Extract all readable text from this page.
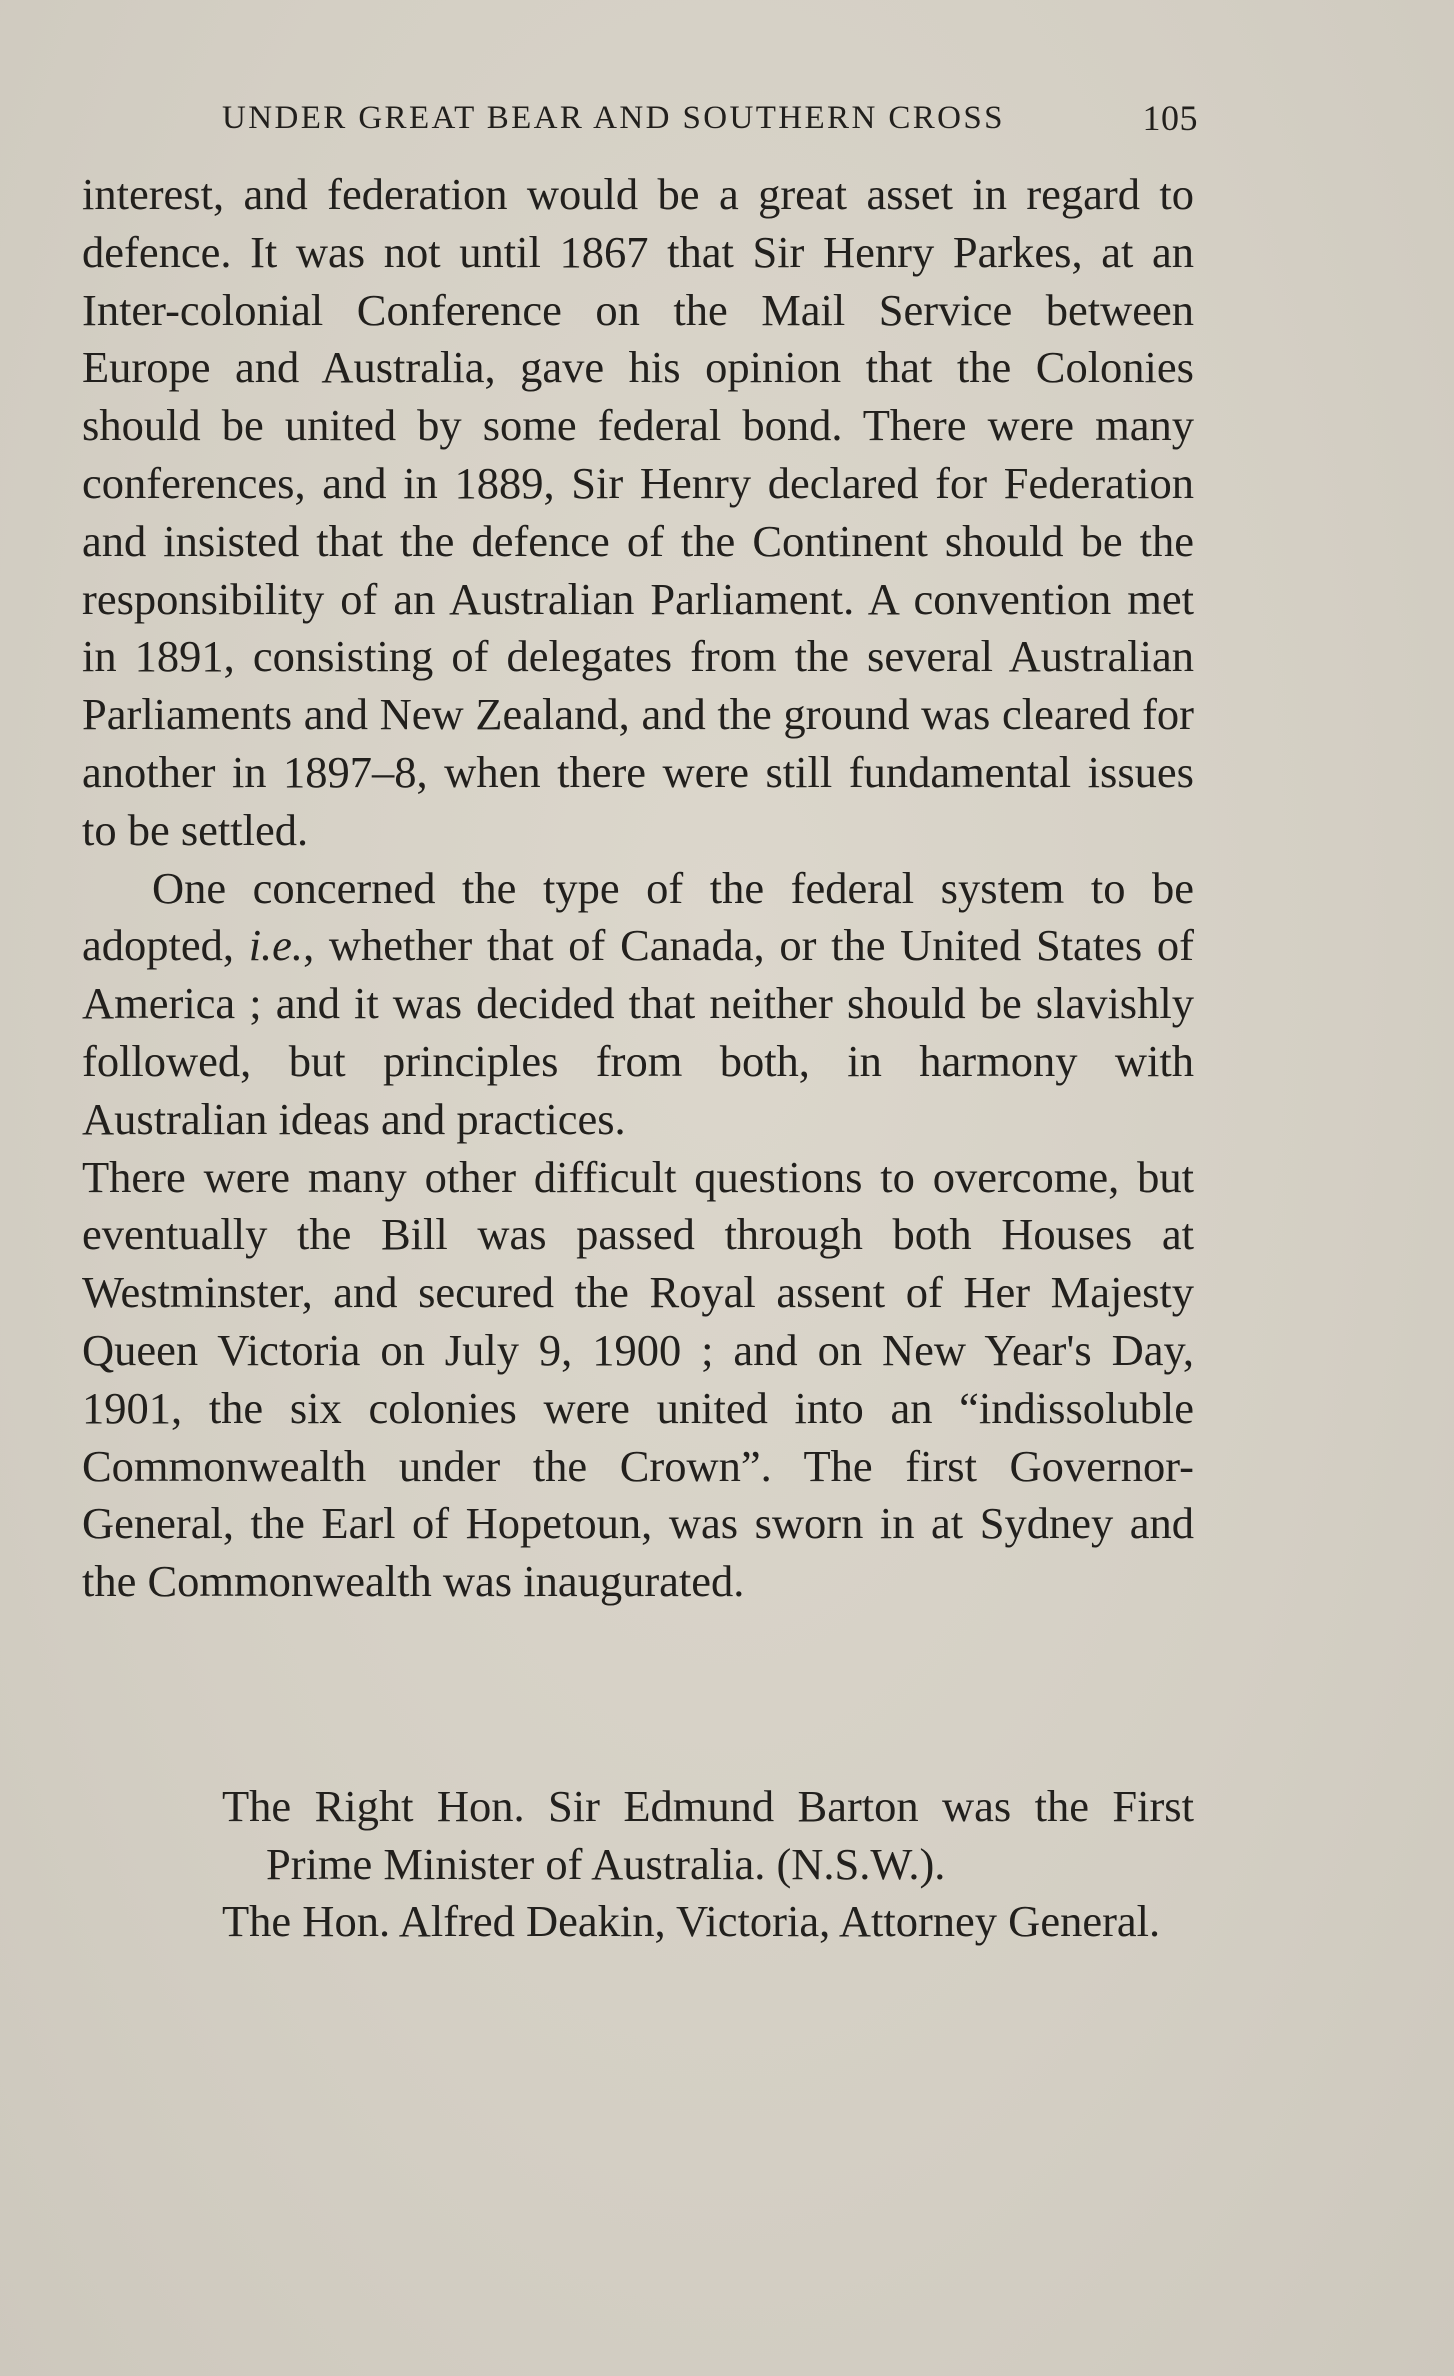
UNDER GREAT BEAR AND SOUTHERN CROSS	105

interest, and federation would be a great asset in regard to defence. It was not until 1867 that Sir Henry Parkes, at an Inter-colonial Conference on the Mail Service between Europe and Australia, gave his opinion that the Colonies should be united by some federal bond. There were many conferences, and in 1889, Sir Henry declared for Federation and insisted that the defence of the Continent should be the responsibility of an Australian Parliament. A convention met in 1891, consisting of delegates from the several Australian Parliaments and New Zealand, and the ground was cleared for another in 1897–8, when there were still fundamental issues to be settled.

One concerned the type of the federal system to be adopted, i.e., whether that of Canada, or the United States of America ; and it was decided that neither should be slavishly followed, but principles from both, in harmony with Australian ideas and practices.

There were many other difficult questions to overcome, but eventually the Bill was passed through both Houses at Westminster, and secured the Royal assent of Her Majesty Queen Victoria on July 9, 1900 ; and on New Year's Day, 1901, the six colonies were united into an “indissoluble Commonwealth under the Crown”. The first Governor-General, the Earl of Hopetoun, was sworn in at Sydney and the Commonwealth was inaugurated.

The Right Hon. Sir Edmund Barton was the First Prime Minister of Australia. (N.S.W.).

The Hon. Alfred Deakin, Victoria, Attorney General.
